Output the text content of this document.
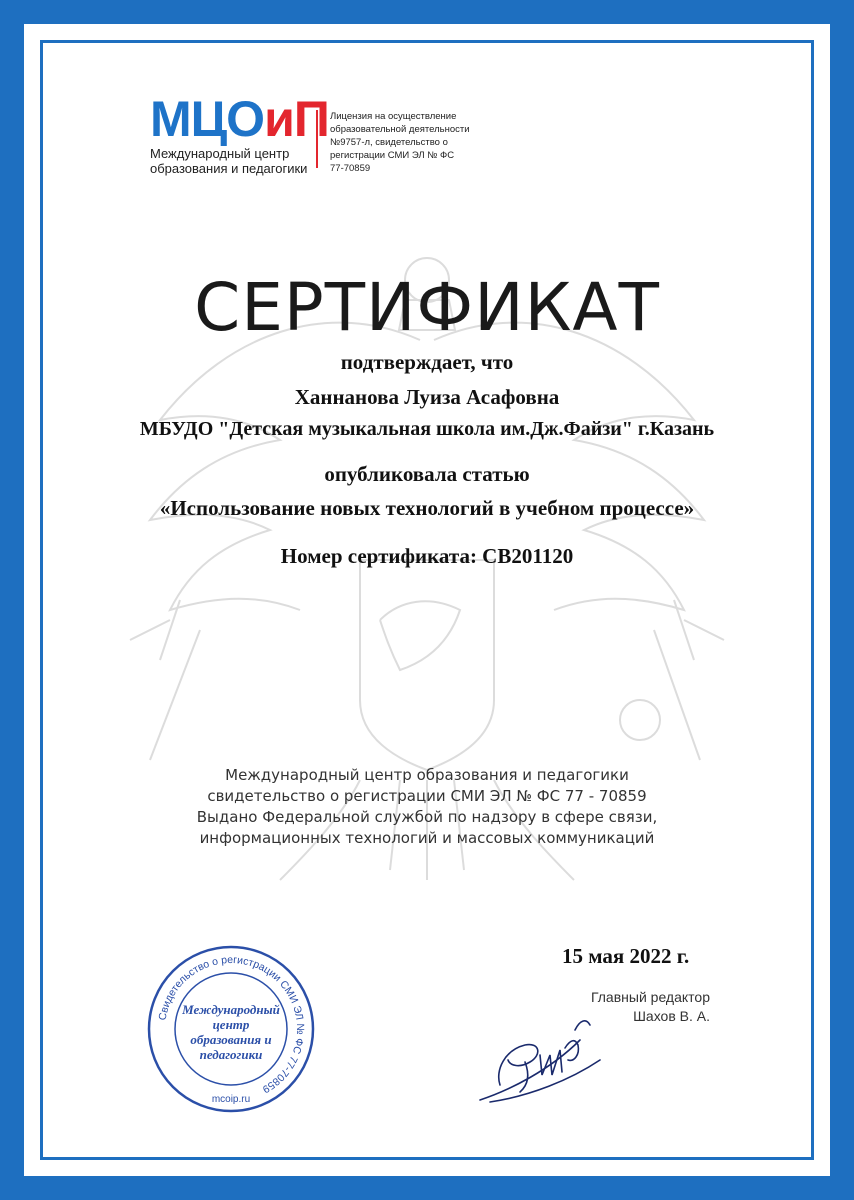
МЦОиП
Международный центр
образования и педагогики
Лицензия на осуществление
образовательной деятельности
№9757-л, свидетельство о
регистрации СМИ ЭЛ № ФС
77-70859
СЕРТИФИКАТ
подтверждает, что
Ханнанова Луиза Асафовна
МБУДО "Детская музыкальная школа им.Дж.Файзи" г.Казань
опубликовала статью
«Использование новых технологий в учебном процессе»
Номер сертификата: СВ201120
Международный центр образования и педагогики
свидетельство о регистрации СМИ ЭЛ № ФС 77 - 70859
Выдано Федеральной службой по надзору в сфере связи,
информационных технологий и массовых коммуникаций
15 мая 2022 г.
Главный редактор
Шахов В. А.
Свидетельство о регистрации СМИ ЭЛ № ФС 77-70859
mcoip.ru
Международный
центр
образования и
педагогики
